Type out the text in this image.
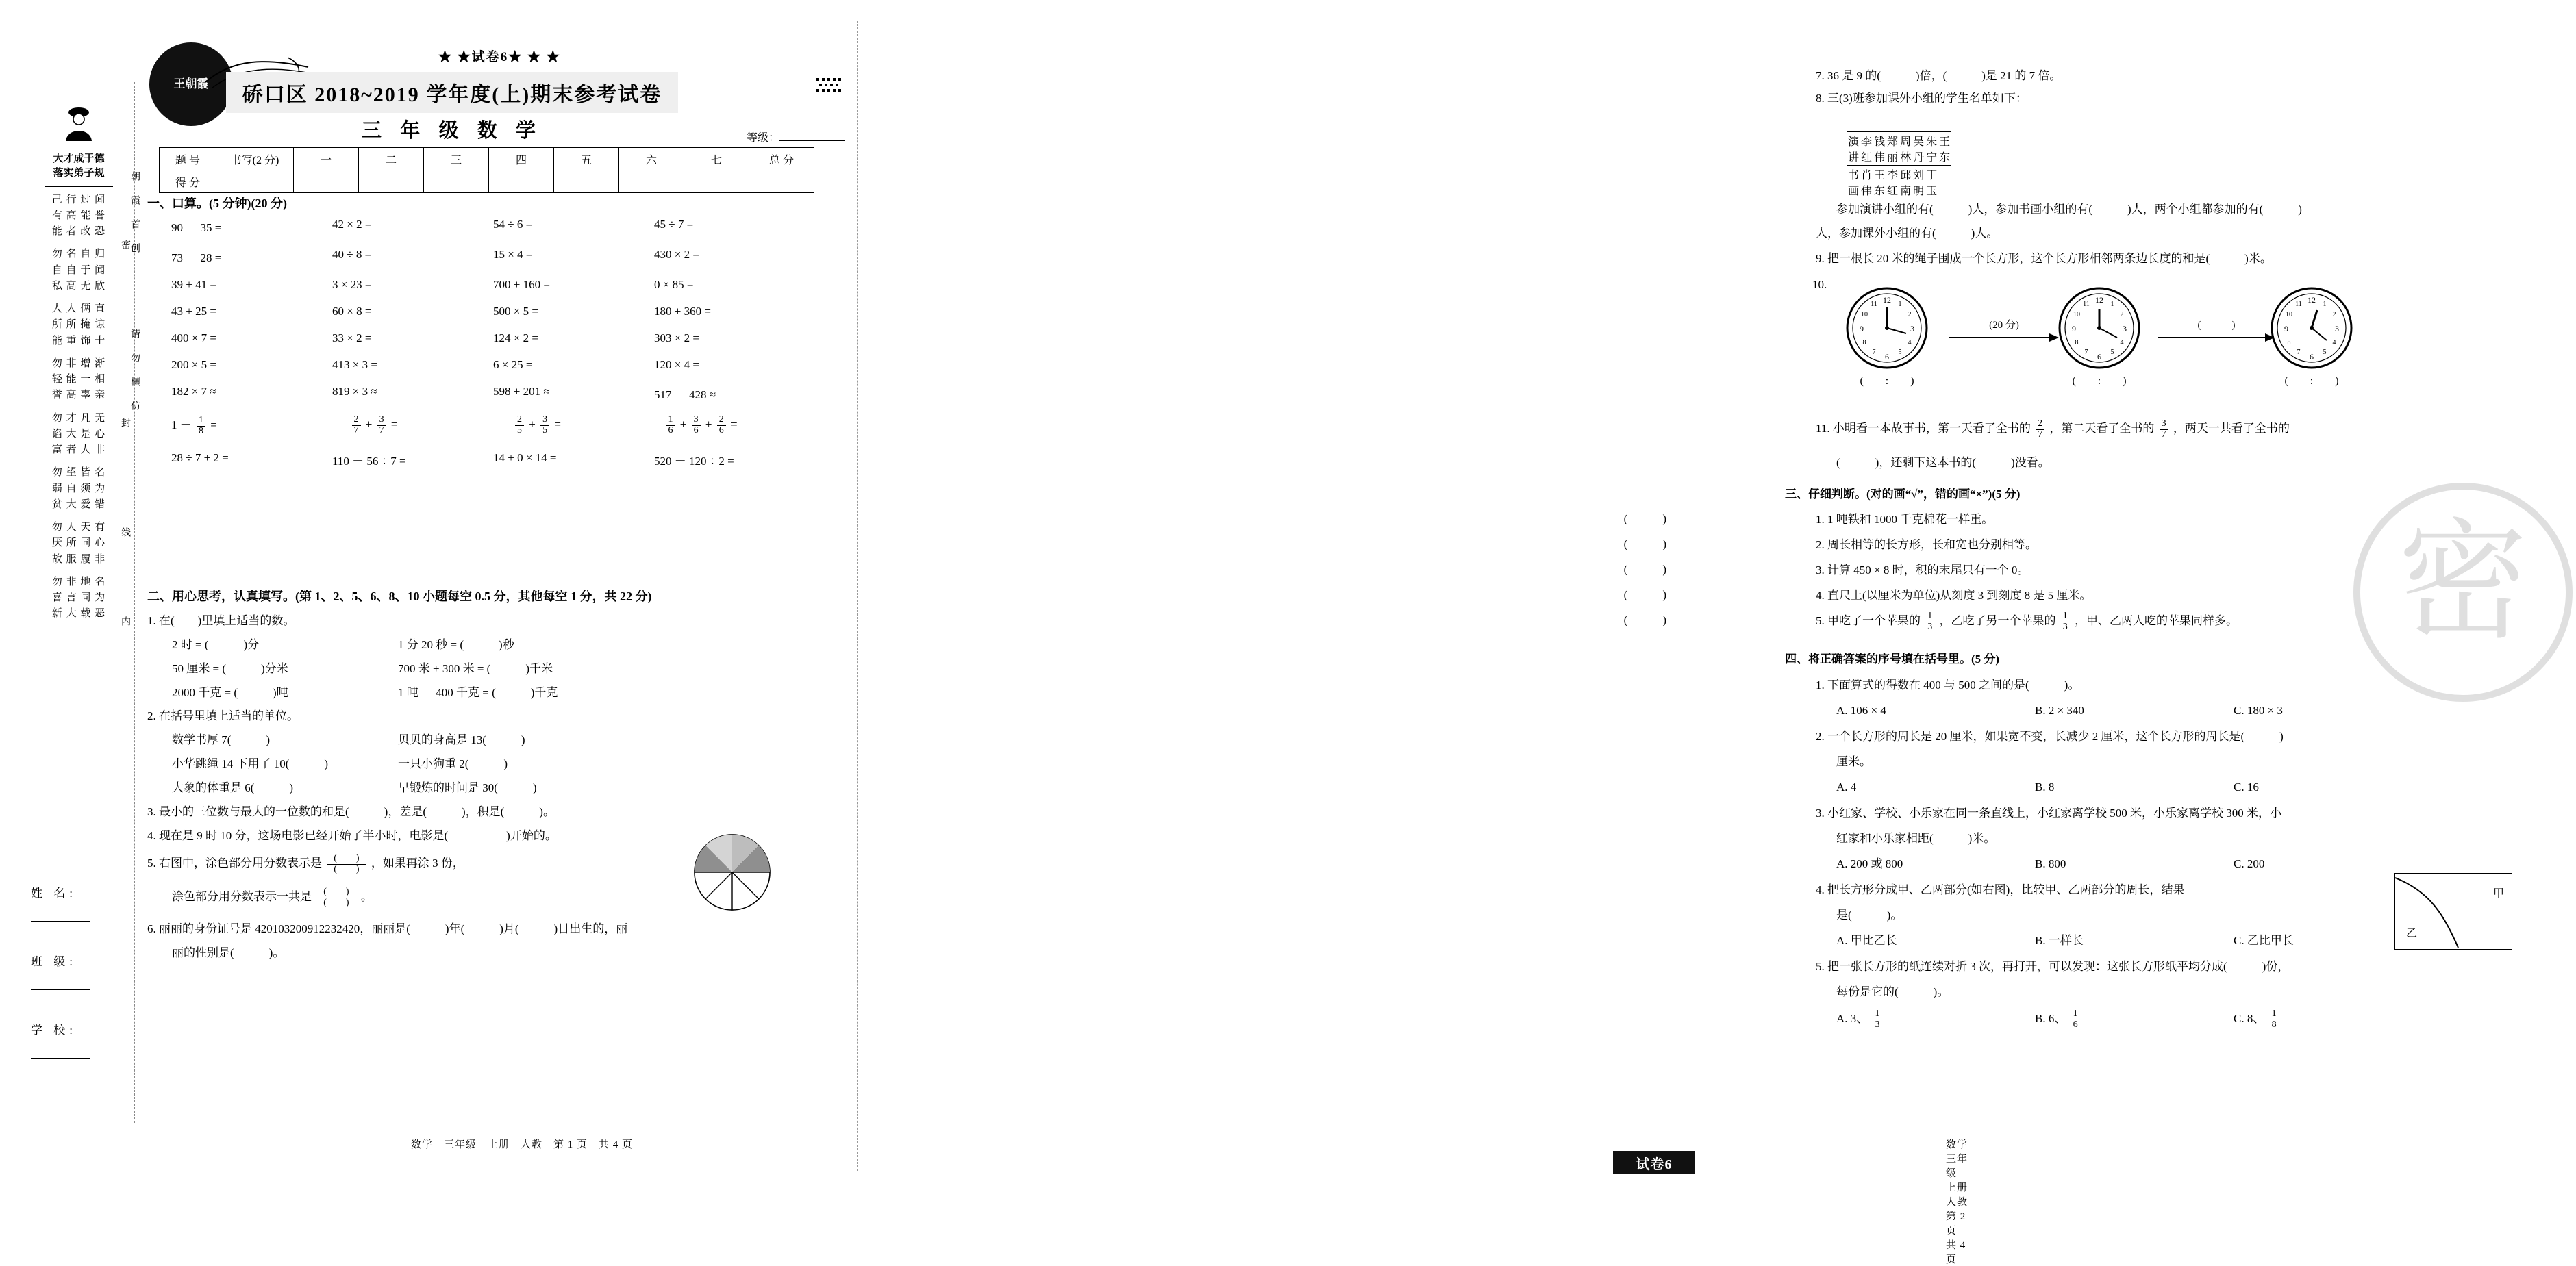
王朝霞
大才成于德
落实弟子规
己 行 过 闻
有 高 能 誉
能 者 改 恐
勿 名 自 归
自 自 于 闻
私 高 无 欣
人 人 俩 直
所 所 掩 谅
能 重 饰 士
勿 非 增 渐
轻 能 一 相
誉 高 辜 亲
勿 才 凡 无
谄 大 是 心
富 者 人 非
勿 望 皆 名
弱 自 须 为
贫 大 爱 错
勿 人 天 有
厌 所 同 心
故 服 履 非
勿 非 地 名
喜 言 同 为
新 大 载 恶
姓 名:
班 级:
学 校:
朝
霞
首
创
请
勿
横
仿
密
封
线
内
★ ★试卷6★ ★ ★
硚口区 2018~2019 学年度(上)期末参考试卷
三 年 级 数 学	等级：
题 号	书写(2 分)	一	二	三	四	五	六	七	总 分
得 分									
一、口算。(5 分钟)(20 分)
90 － 35 =	42 × 2 =	54 ÷ 6 =	45 ÷ 7 =
73 － 28 =	40 ÷ 8 =	15 × 4 =	430 × 2 =
39 + 41 =	3 × 23 =	700 + 160 =	0 × 85 =
43 + 25 =	60 × 8 =	500 × 5 =	180 + 360 =
400 × 7 =	33 × 2 =	124 × 2 =	303 × 2 =
200 × 5 =	413 × 3 =	6 × 25 =	120 × 4 =
182 × 7 ≈	819 × 3 ≈	598 + 201 ≈	517 － 428 ≈
$1 - \frac{1}{8}$ =	$\frac{2}{7} + \frac{3}{7}$ =	$\frac{2}{5} + \frac{3}{5}$ =	$\frac{1}{6} + \frac{3}{6} + \frac{2}{6}$ =
28 ÷ 7 + 2 =	110 － 56 ÷ 7 =	14 + 0 × 14 =	520 － 120 ÷ 2 =
二、用心思考，认真填写。(第 1、2、5、6、8、10 小题每空 0.5 分，其他每空 1 分，共 22 分)
1. 在(　　)里填上适当的数。
2 时 = (　　　)分	1 分 20 秒 = (　　　)秒
50 厘米 = (　　　)分米	700 米 + 300 米 = (　　　)千米
2000 千克 = (　　　)吨	1 吨 － 400 千克 = (　　　)千克
2. 在括号里填上适当的单位。
数学书厚 7(　　　)	贝贝的身高是 13(　　　)
小华跳绳 14 下用了 10(　　　)	一只小狗重 2(　　　)
大象的体重是 6(　　　)	早锻炼的时间是 30(　　　)
3. 最小的三位数与最大的一位数的和是(　　　)，差是(　　　)，积是(　　　)。
4. 现在是 9 时 10 分，这场电影已经开始了半小时，电影是(　　　　　)开始的。
5. 右图中，涂色部分用分数表示是	(　　)
(　　)	，如果再涂 3 份，
涂色部分用分数表示一共是	(　　)
(　　)	。
6. 丽丽的身份证号是 420103200912232420，丽丽是(　　　)年(　　　)月(　　　)日出生的，丽
丽的性别是(　　　)。
数学　三年级　上册　人教　第 1 页　共 4 页
密
7. 36 是 9 的(　　　)倍，(　　　)是 21 的 7 倍。
8. 三(3)班参加课外小组的学生名单如下：
演讲	李红	钱伟	郑丽	周林	吴丹	朱宁	王东
书画	肖伟	王东	李红	邱南	刘明	丁玉	
参加演讲小组的有(　　　)人，参加书画小组的有(　　　)人，两个小组都参加的有(　　　)
人，参加课外小组的有(　　　)人。
9. 把一根长 20 米的绳子围成一个长方形，这个长方形相邻两条边长度的和是(　　　)米。
10.
12
3
6
9
1
2
4
5
7
8
10
11
(　　:　　)
(20 分)
12
3
6
9
1
2
4
5
7
8
10
11
(　　:　　)
(　　　)
12
3
6
9
1
2
4
5
7
8
10
11
(　　:　　)
11. 小明看一本故事书，第一天看了全书的 $\frac{2}{7}$ ，第二天看了全书的 $\frac{3}{7}$ ，两天一共看了全书的
(　　　)，还剩下这本书的(　　　)没看。
三、仔细判断。(对的画“√”，错的画“×”)(5 分)
1. 1 吨铁和 1000 千克棉花一样重。
2. 周长相等的长方形，长和宽也分别相等。
3. 计算 450 × 8 时，积的末尾只有一个 0。
4. 直尺上(以厘米为单位)从刻度 3 到刻度 8 是 5 厘米。
5. 甲吃了一个苹果的 $\frac{1}{3}$ ，乙吃了另一个苹果的 $\frac{1}{3}$ ，甲、乙两人吃的苹果同样多。
(　　　)
(　　　)
(　　　)
(　　　)
(　　　)
四、将正确答案的序号填在括号里。(5 分)
1. 下面算式的得数在 400 与 500 之间的是(　　　)。
A. 106 × 4	B. 2 × 340	C. 180 × 3
2. 一个长方形的周长是 20 厘米，如果宽不变，长减少 2 厘米，这个长方形的周长是(　　　)
厘米。
A. 4	B. 8	C. 16
3. 小红家、学校、小乐家在同一条直线上，小红家离学校 500 米，小乐家离学校 300 米，小
红家和小乐家相距(　　　)米。
A. 200 或 800	B. 800	C. 200
4. 把长方形分成甲、乙两部分(如右图)，比较甲、乙两部分的周长，结果
是(　　　)。
A. 甲比乙长	B. 一样长	C. 乙比甲长
甲
乙
5. 把一张长方形的纸连续对折 3 次，再打开，可以发现：这张长方形纸平均分成(　　　)份，
每份是它的(　　　)。
A. 3、 $\frac{1}{3}$	B. 6、 $\frac{1}{6}$	C. 8、 $\frac{1}{8}$
数学　三年级　上册　人教　第 2 页　共 4 页
试卷6
